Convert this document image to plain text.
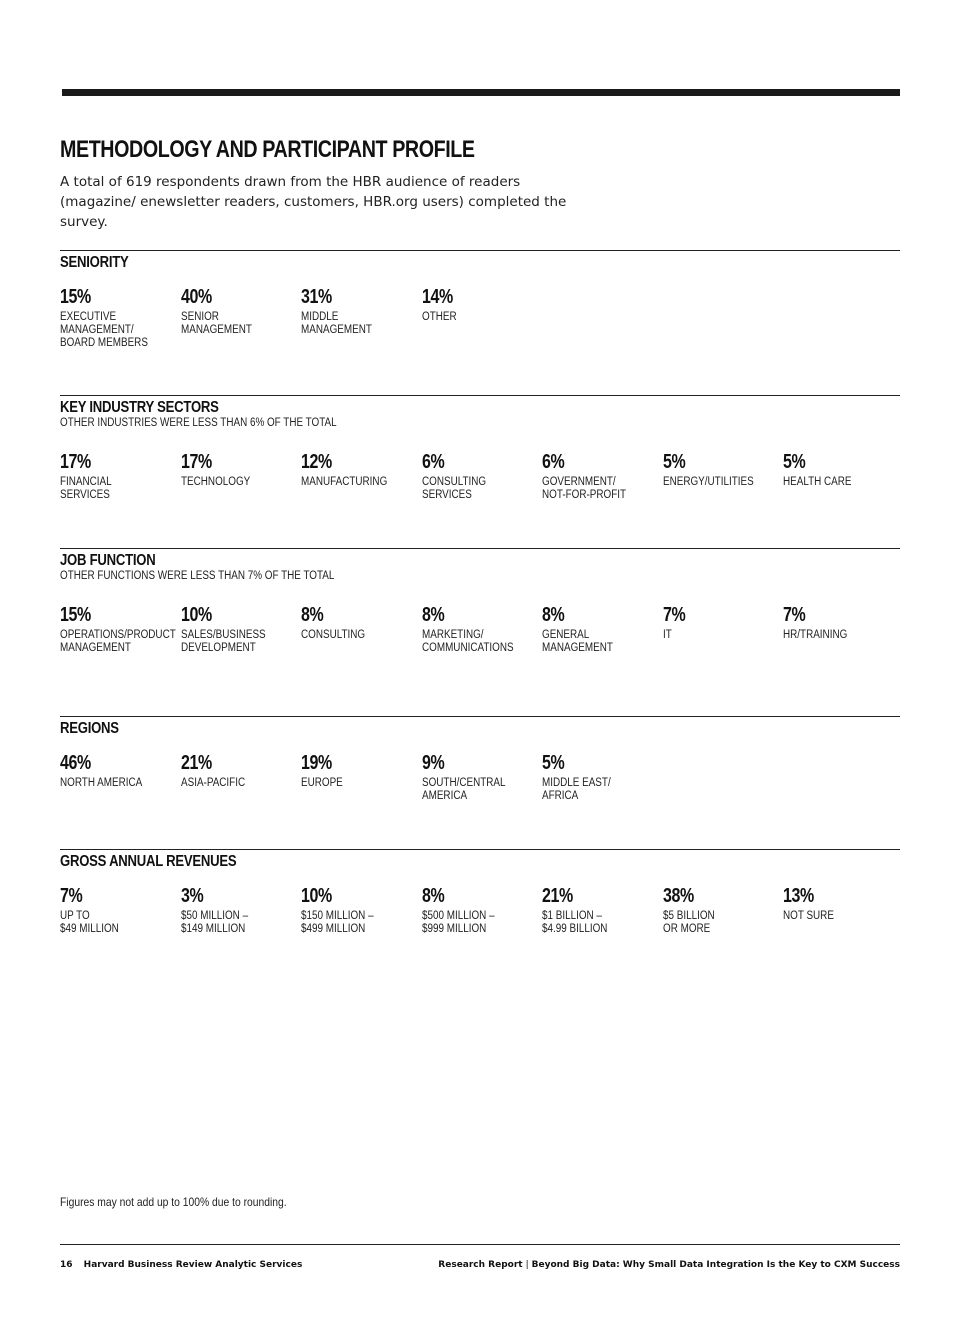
METHODOLOGY AND PARTICIPANT PROFILE

A total of 619 respondents drawn from the HBR audience of readers (magazine/ enewsletter readers, customers, HBR.org users) completed the survey.

SENIORITY
15%
EXECUTIVE
MANAGEMENT/
BOARD MEMBERS
40%
SENIOR
MANAGEMENT
31%
MIDDLE
MANAGEMENT
14%
OTHER
KEY INDUSTRY SECTORS

OTHER INDUSTRIES WERE LESS THAN 6% OF THE TOTAL

17%
FINANCIAL
SERVICES
17%
TECHNOLOGY
12%
MANUFACTURING
6%
CONSULTING
SERVICES
6%
GOVERNMENT/
NOT-FOR-PROFIT
5%
ENERGY/UTILITIES
5%
HEALTH CARE
JOB FUNCTION

OTHER FUNCTIONS WERE LESS THAN 7% OF THE TOTAL

15%
OPERATIONS/PRODUCT
MANAGEMENT
10%
SALES/BUSINESS
DEVELOPMENT
8%
CONSULTING
8%
MARKETING/
COMMUNICATIONS
8%
GENERAL
MANAGEMENT
7%
IT
7%
HR/TRAINING
REGIONS
46%
NORTH AMERICA
21%
ASIA-PACIFIC
19%
EUROPE
9%
SOUTH/CENTRAL
AMERICA
5%
MIDDLE EAST/
AFRICA
GROSS ANNUAL REVENUES
7%
UP TO
$49 MILLION
3%
$50 MILLION –
$149 MILLION
10%
$150 MILLION –
$499 MILLION
8%
$500 MILLION –
$999 MILLION
21%
$1 BILLION –
$4.99 BILLION
38%
$5 BILLION
OR MORE
13%
NOT SURE

Figures may not add up to 100% due to rounding.

16 Harvard Business Review Analytic Services	Research Report | Beyond Big Data: Why Small Data Integration Is the Key to CXM Success
